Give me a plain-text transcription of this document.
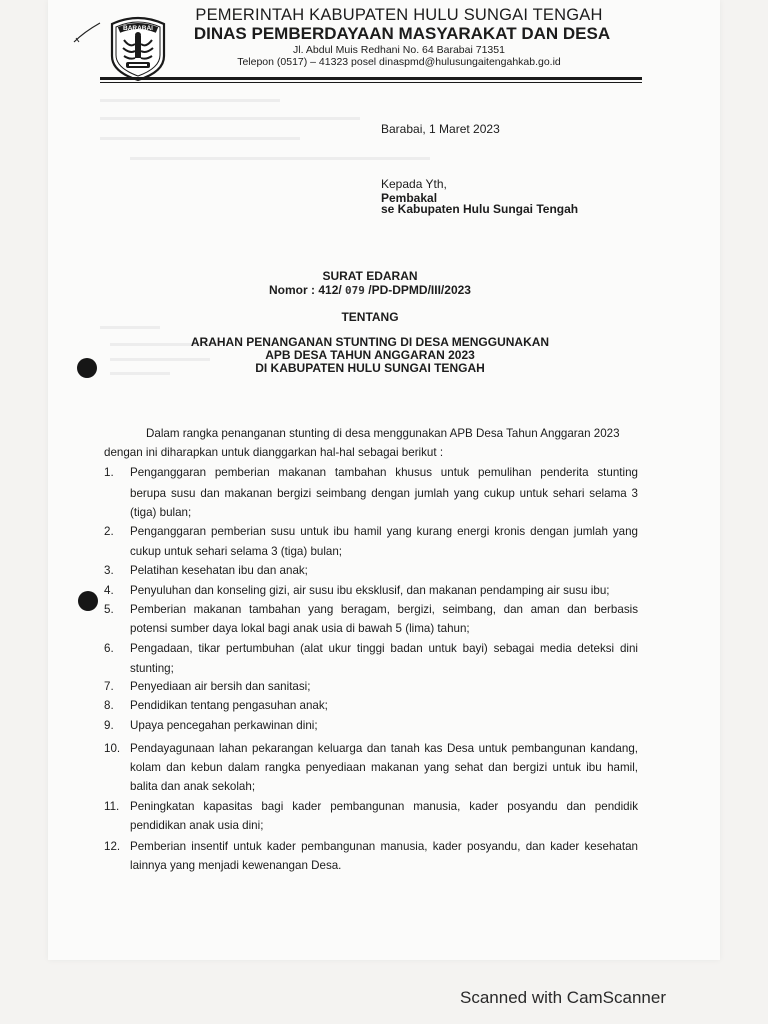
BARABAI
PEMERINTAH KABUPATEN HULU SUNGAI TENGAH
DINAS PEMBERDAYAAN MASYARAKAT DAN DESA
Jl. Abdul Muis Redhani No. 64 Barabai 71351
Telepon (0517) – 41323 posel dinaspmd@hulusungaitengahkab.go.id
Barabai, 1 Maret 2023
Kepada Yth,
Pembakal
se Kabupaten Hulu Sungai Tengah
SURAT EDARAN
Nomor : 412/ 079 /PD-DPMD/III/2023
TENTANG
ARAHAN PENANGANAN STUNTING DI DESA MENGGUNAKAN
APB DESA TAHUN ANGGARAN 2023
DI KABUPATEN HULU SUNGAI TENGAH
Dalam rangka penanganan stunting di desa menggunakan APB Desa Tahun Anggaran 2023
dengan ini diharapkan untuk dianggarkan hal-hal sebagai berikut :
1. Penganggaran pemberian makanan tambahan khusus untuk pemulihan penderita stunting
berupa susu dan makanan bergizi seimbang dengan jumlah yang cukup untuk sehari selama 3
(tiga) bulan;
2. Penganggaran pemberian susu untuk ibu hamil yang kurang energi kronis dengan jumlah yang
cukup untuk sehari selama 3 (tiga) bulan;
3. Pelatihan kesehatan ibu dan anak;
4. Penyuluhan dan konseling gizi, air susu ibu eksklusif, dan makanan pendamping air susu ibu;
5. Pemberian makanan tambahan yang beragam, bergizi, seimbang, dan aman dan berbasis
potensi sumber daya lokal bagi anak usia di bawah 5 (lima) tahun;
6. Pengadaan, tikar pertumbuhan (alat ukur tinggi badan untuk bayi) sebagai media deteksi dini
stunting;
7. Penyediaan air bersih dan sanitasi;
8. Pendidikan tentang pengasuhan anak;
9. Upaya pencegahan perkawinan dini;
10. Pendayagunaan lahan pekarangan keluarga dan tanah kas Desa untuk pembangunan kandang,
kolam dan kebun dalam rangka penyediaan makanan yang sehat dan bergizi untuk ibu hamil,
balita dan anak sekolah;
11. Peningkatan kapasitas bagi kader pembangunan manusia, kader posyandu dan pendidik
pendidikan anak usia dini;
12. Pemberian insentif untuk kader pembangunan manusia, kader posyandu, dan kader kesehatan
lainnya yang menjadi kewenangan Desa.
Scanned with CamScanner
